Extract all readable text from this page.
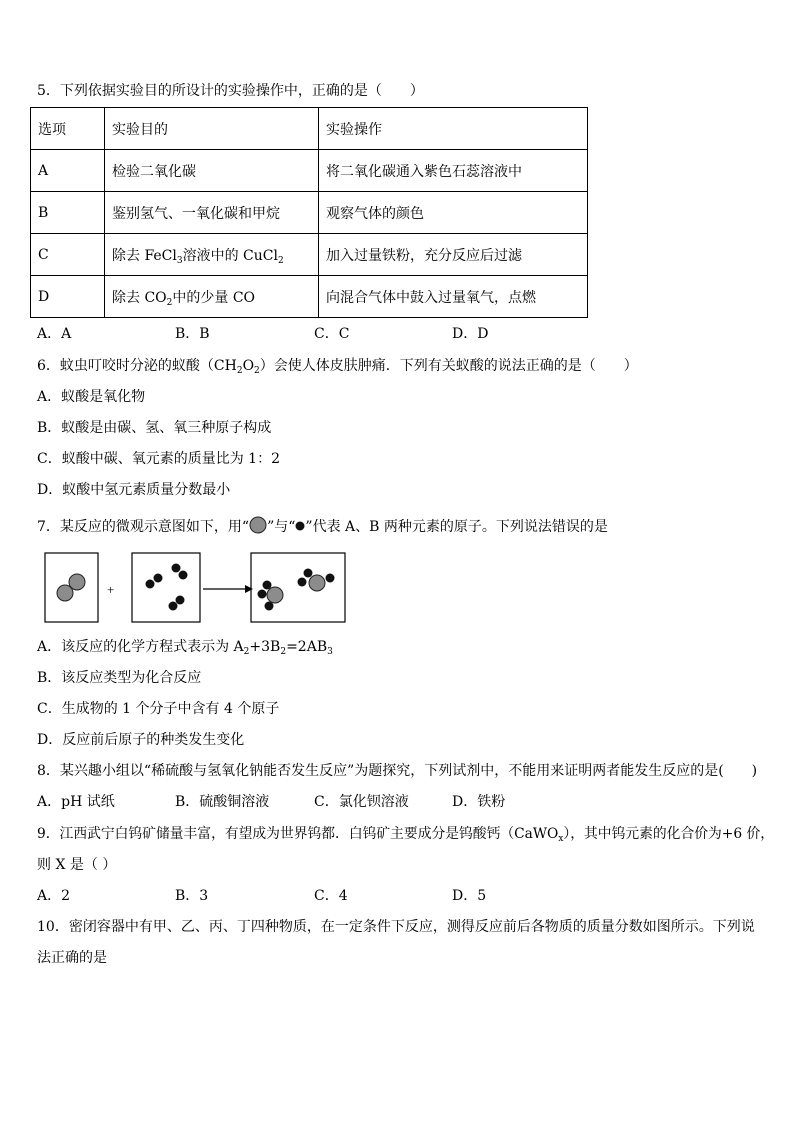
5．下列依据实验目的所设计的实验操作中，正确的是（　　）
选项	实验目的	实验操作
A	检验二氧化碳	将二氧化碳通入紫色石蕊溶液中
B	鉴别氢气、一氧化碳和甲烷	观察气体的颜色
C	除去 FeCl$_3$溶液中的 CuCl$_2$	加入过量铁粉，充分反应后过滤
D	除去 $CO_2$中的少量 CO	向混合气体中鼓入过量氧气，点燃
A．A	B．B	C．C	D．D
6．蚊虫叮咬时分泌的蚁酸$(CH_2O_2)$会使人体皮肤肿痛．下列有关蚁酸的说法正确的是（　　）
A．蚁酸是氧化物
B．蚁酸是由碳、氢、氧三种原子构成
C．蚁酸中碳、氧元素的质量比为 1：2
D．蚁酸中氢元素质量分数最小
7．某反应的微观示意图如下，用“ ”与“ ”代表 A、B 两种元素的原子。下列说法错误的是
+
A．该反应的化学方程式表示为 $A_2+3B_2=2AB_3$
B．该反应类型为化合反应
C．生成物的 1 个分子中含有 4 个原子
D．反应前后原子的种类发生变化
8．某兴趣小组以“稀硫酸与氢氧化钠能否发生反应”为题探究，下列试剂中，不能用来证明两者能发生反应的是(　　)
A．pH 试纸	B．硫酸铜溶液	C．氯化钡溶液	D．铁粉
9．江西武宁白钨矿储量丰富，有望成为世界钨都．白钨矿主要成分是钨酸钙（CaWO$_x$），其中钨元素的化合价为+6 价，
则 X 是（ ）
A．2	B．3	C．4	D．5
10．密闭容器中有甲、乙、丙、丁四种物质，在一定条件下反应，测得反应前后各物质的质量分数如图所示。下列说
法正确的是
